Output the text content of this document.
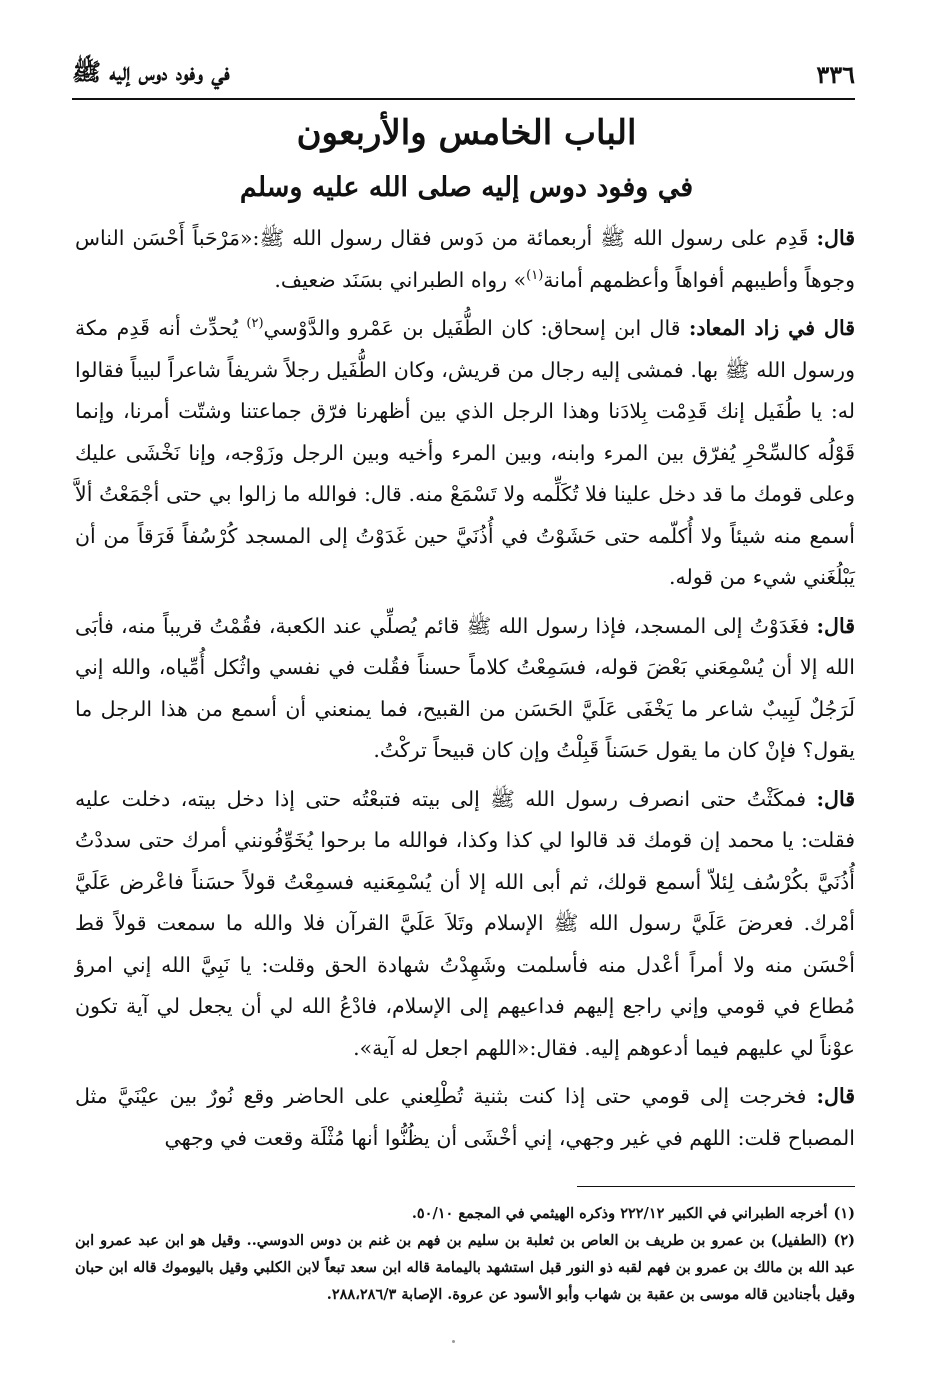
٣٣٦
في وفود دوس إليه ﷺ
الباب الخامس والأربعون
في وفود دوس إليه صلى الله عليه وسلم

قال: قَدِم على رسول الله ﷺ أربعمائة من دَوس فقال رسول الله ﷺ:«مَرْحَباً أَحْسَن الناس وجوهاً وأطيبهم أفواهاً وأعظمهم أمانة$^{(١)}$» رواه الطبراني بسَنَد ضعيف.

قال في زاد المعاد: قال ابن إسحاق: كان الطُّفَيل بن عَمْرو والدَّوْسي$^{(٢)}$ يُحدِّث أنه قَدِم مكة ورسول الله ﷺ بها. فمشى إليه رجال من قريش، وكان الطُّفَيل رجلاً شريفاً شاعراً لبيباً فقالوا له: يا طُفَيل إنك قَدِمْت بِلادَنا وهذا الرجل الذي بين أظهرنا فرّق جماعتنا وشتّت أمرنا، وإنما قَوْلُه كالسِّحْرِ يُفرّق بين المرء وابنه، وبين المرء وأخيه وبين الرجل وزَوْجه، وإنا نَخْشَى عليك وعلى قومك ما قد دخل علينا فلا تُكَلِّمه ولا تَسْمَعْ منه. قال: فوالله ما زالوا بي حتى أجْمَعْتُ ألاَّ أسمع منه شيئاً ولا أُكلّمه حتى حَشَوْتُ في أُذُنَيَّ حين غَدَوْتُ إلى المسجد كُرْسُفاً فَرَقاً من أن يَبْلُغَني شيء من قوله.

قال: فغَدَوْتُ إلى المسجد، فإذا رسول الله ﷺ قائم يُصلِّي عند الكعبة، فقُمْتُ قريباً منه، فأبَى الله إلا أن يُسْمِعَني بَعْضَ قوله، فسَمِعْتُ كلاماً حسناً فقُلت في نفسي واثُكل أُمِّياه، والله إني لَرَجُلٌ لَبِيبٌ شاعر ما يَخْفَى عَلَيَّ الحَسَن من القبيح، فما يمنعني أن أسمع من هذا الرجل ما يقول؟ فإنْ كان ما يقول حَسَناً قَبِلْتُ وإن كان قبيحاً تركْتُ.

قال: فمكَثْتُ حتى انصرف رسول الله ﷺ إلى بيته فتبعْتُه حتى إذا دخل بيته، دخلت عليه فقلت: يا محمد إن قومك قد قالوا لي كذا وكذا، فوالله ما برحوا يُخَوِّفُونني أمرك حتى سددْتُ أُذُنَيَّ بكُرْسُف لِئلاّ أسمع قولك، ثم أبى الله إلا أن يُسْمِعَنيه فسمِعْتُ قولاً حسَناً فاعْرض عَلَيَّ أمْرك. فعرضَ عَلَيَّ رسول الله ﷺ الإسلام وتَلاَ عَلَيَّ القرآن فلا والله ما سمعت قولاً قط أحْسَن منه ولا أمراً أعْدل منه فأسلمت وشَهِدْتُ شهادة الحق وقلت: يا نَبِيَّ الله إني امرؤ مُطاع في قومي وإني راجع إليهم فداعيهم إلى الإسلام، فادْعُ الله لي أن يجعل لي آية تكون عوْناً لي عليهم فيما أدعوهم إليه. فقال:«اللهم اجعل له آية».

قال: فخرجت إلى قومي حتى إذا كنت بثنية تُطْلِعني على الحاضر وقع نُورٌ بين عيْنَيَّ مثل المصباح قلت: اللهم في غير وجهي، إني أخْشَى أن يظُنُّوا أنها مُثْلَة وقعت في وجهي

(١)أخرجه الطبراني في الكبير ٢٢٢/١٢ وذكره الهيثمي في المجمع ٥٠/١٠.

(٢)(الطفيل) بن عمرو بن طريف بن العاص بن ثعلبة بن سليم بن فهم بن غنم بن دوس الدوسي.. وقيل هو ابن عبد عمرو ابن عبد الله بن مالك بن عمرو بن فهم لقبه ذو النور قبل استشهد باليمامة قاله ابن سعد تبعاً لابن الكلبي وقيل باليوموك قاله ابن حبان وقيل بأجنادين قاله موسى بن عقبة بن شهاب وأبو الأسود عن عروة. الإصابة ٢٨٨،٢٨٦/٣.
